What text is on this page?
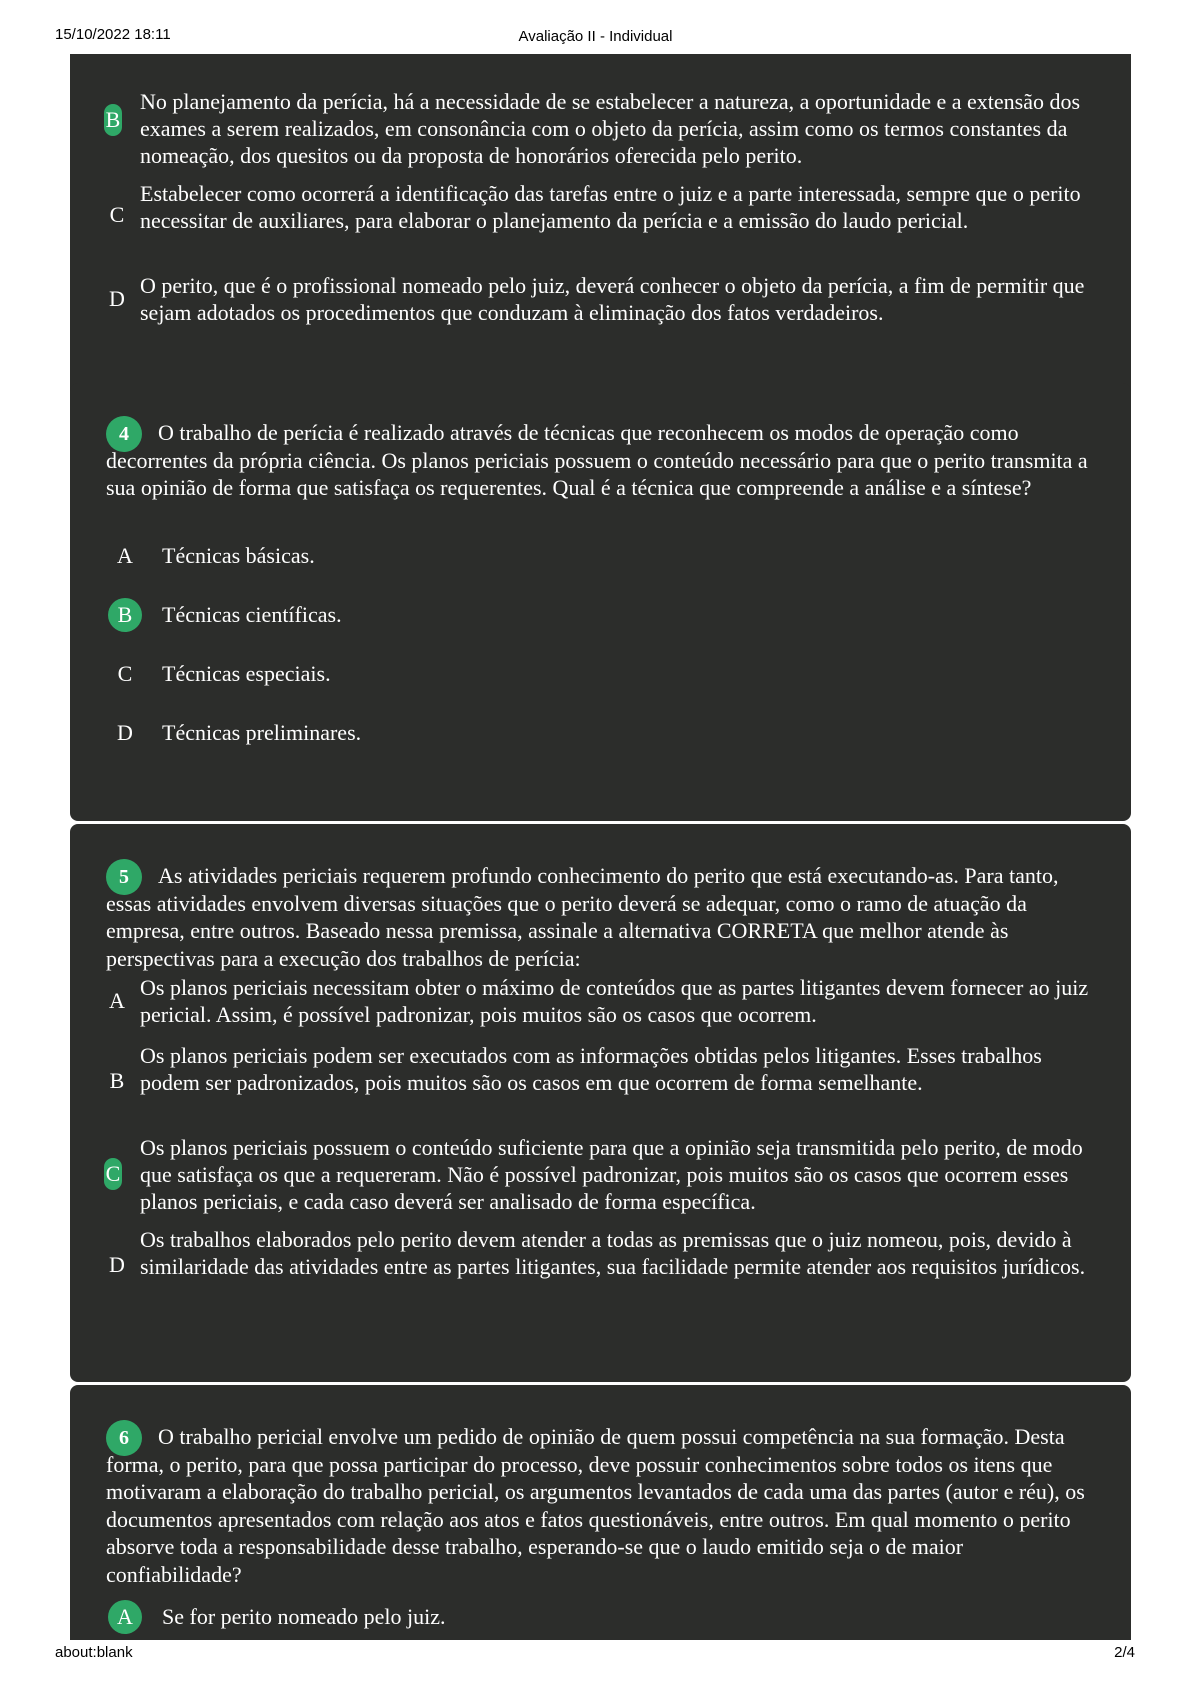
15/10/2022 18:11	Avaliação II - Individual
B
No planejamento da perícia, há a necessidade de se estabelecer a natureza, a oportunidade e a extensão dos exames a serem realizados, em consonância com o objeto da perícia, assim como os termos constantes da nomeação, dos quesitos ou da proposta de honorários oferecida pelo perito.
C
Estabelecer como ocorrerá a identificação das tarefas entre o juiz e a parte interessada, sempre que o perito necessitar de auxiliares, para elaborar o planejamento da perícia e a emissão do laudo pericial.
D
O perito, que é o profissional nomeado pelo juiz, deverá conhecer o objeto da perícia, a fim de permitir que sejam adotados os procedimentos que conduzam à eliminação dos fatos verdadeiros.
4	O trabalho de perícia é realizado através de técnicas que reconhecem os modos de operação como decorrentes da própria ciência. Os planos periciais possuem o conteúdo necessário para que o perito transmita a sua opinião de forma que satisfaça os requerentes. Qual é a técnica que compreende a análise e a síntese?
A	Técnicas básicas.
B	Técnicas científicas.
C	Técnicas especiais.
D	Técnicas preliminares.
5	As atividades periciais requerem profundo conhecimento do perito que está executando-as. Para tanto, essas atividades envolvem diversas situações que o perito deverá se adequar, como o ramo de atuação da empresa, entre outros. Baseado nessa premissa, assinale a alternativa CORRETA que melhor atende às perspectivas para a execução dos trabalhos de perícia:
A
Os planos periciais necessitam obter o máximo de conteúdos que as partes litigantes devem fornecer ao juiz pericial. Assim, é possível padronizar, pois muitos são os casos que ocorrem.
B
Os planos periciais podem ser executados com as informações obtidas pelos litigantes. Esses trabalhos podem ser padronizados, pois muitos são os casos em que ocorrem de forma semelhante.
C
Os planos periciais possuem o conteúdo suficiente para que a opinião seja transmitida pelo perito, de modo que satisfaça os que a requereram. Não é possível padronizar, pois muitos são os casos que ocorrem esses planos periciais, e cada caso deverá ser analisado de forma específica.
D
Os trabalhos elaborados pelo perito devem atender a todas as premissas que o juiz nomeou, pois, devido à similaridade das atividades entre as partes litigantes, sua facilidade permite atender aos requisitos jurídicos.
6	O trabalho pericial envolve um pedido de opinião de quem possui competência na sua formação. Desta forma, o perito, para que possa participar do processo, deve possuir conhecimentos sobre todos os itens que motivaram a elaboração do trabalho pericial, os argumentos levantados de cada uma das partes (autor e réu), os documentos apresentados com relação aos atos e fatos questionáveis, entre outros. Em qual momento o perito absorve toda a responsabilidade desse trabalho, esperando-se que o laudo emitido seja o de maior confiabilidade?
A	Se for perito nomeado pelo juiz.
about:blank	2/4
